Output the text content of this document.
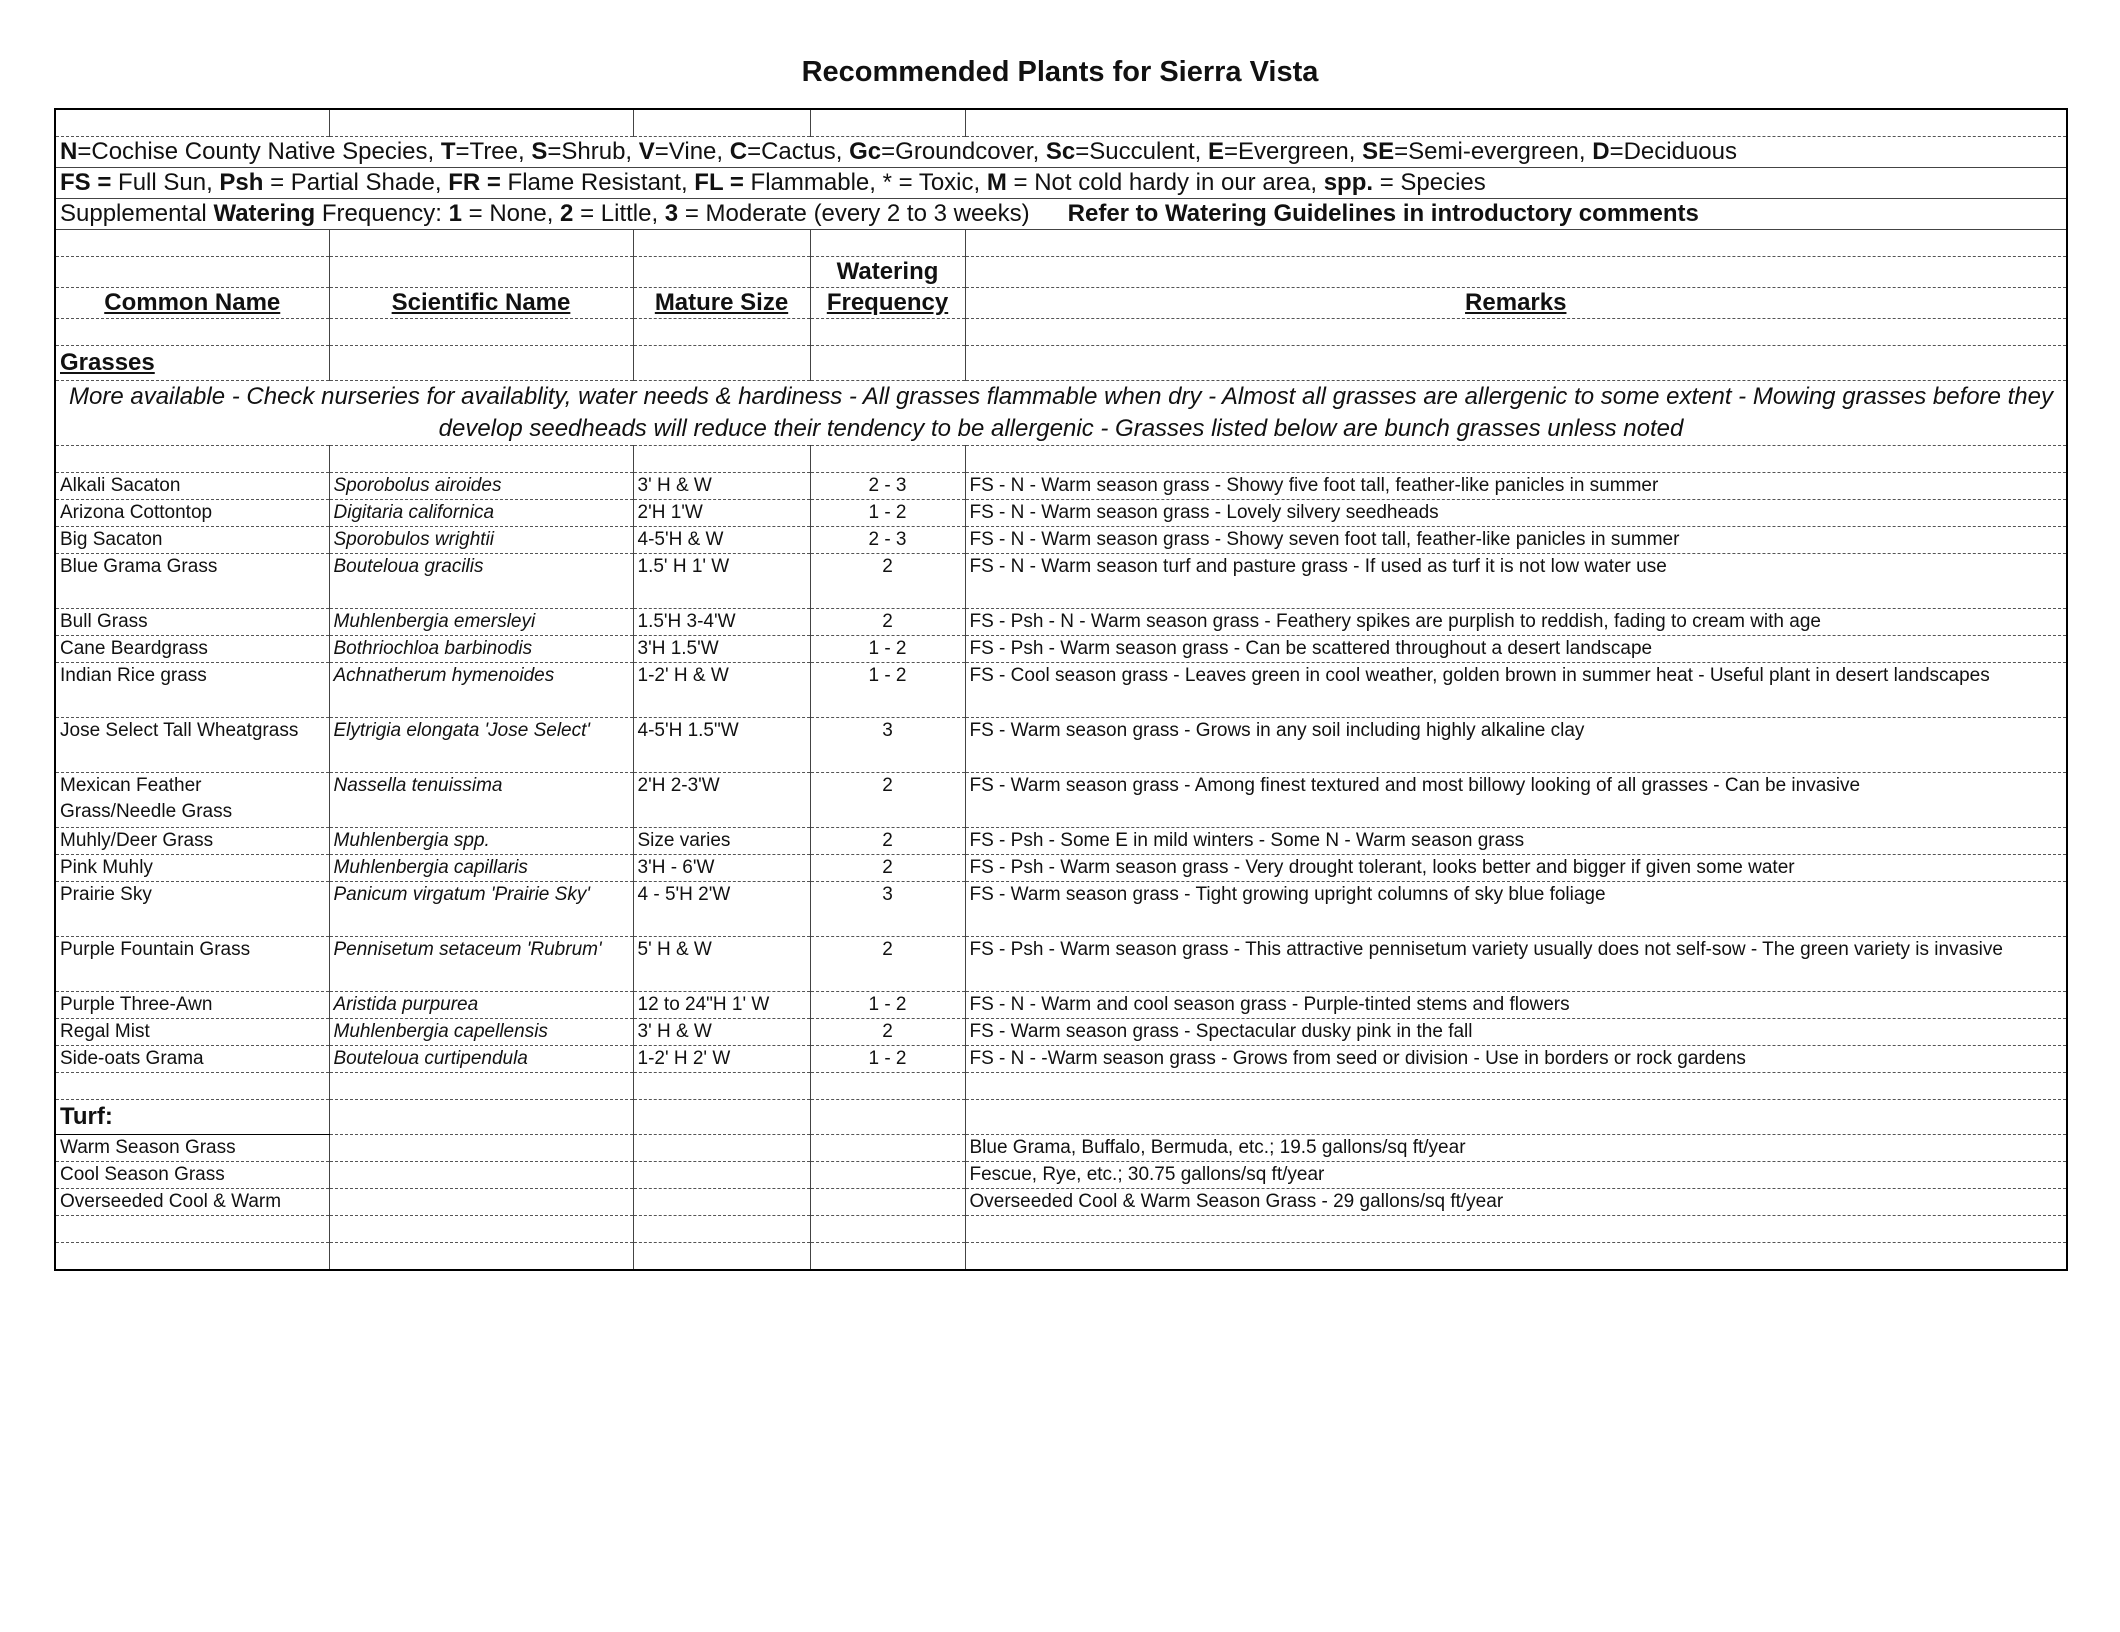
Recommended Plants for Sierra Vista

N=Cochise County Native Species, T=Tree, S=Shrub, V=Vine, C=Cactus, Gc=Groundcover, Sc=Succulent, E=Evergreen, SE=Semi-evergreen, D=Deciduous				
FS = Full Sun, Psh = Partial Shade, FR = Flame Resistant, FL = Flammable, * = Toxic, M = Not cold hardy in our area, spp. = Species				
Supplemental Watering Frequency: 1 = None, 2 = Little, 3 = Moderate (every 2 to 3 weeks) Refer to Watering Guidelines in introductory comments				

			Watering	
Common Name	Scientific Name	Mature Size	Frequency	Remarks

Grasses				
More available - Check nurseries for availablity, water needs & hardiness - All grasses flammable when dry - Almost all grasses are allergenic to some extent - Mowing grasses before they develop seedheads will reduce their tendency to be allergenic - Grasses listed below are bunch grasses unless noted				

Alkali Sacaton	Sporobolus airoides	3' H & W	2 - 3	FS - N - Warm season grass - Showy five foot tall, feather-like panicles in summer
Arizona Cottontop	Digitaria californica	2'H 1'W	1 - 2	FS - N - Warm season grass - Lovely silvery seedheads
Big Sacaton	Sporobulos wrightii	4-5'H & W	2 - 3	FS - N - Warm season grass - Showy seven foot tall, feather-like panicles in summer
Blue Grama Grass	Bouteloua gracilis	1.5' H 1' W	2	FS - N - Warm season turf and pasture grass - If used as turf it is not low water use
Bull Grass	Muhlenbergia emersleyi	1.5'H 3-4'W	2	FS - Psh - N - Warm season grass - Feathery spikes are purplish to reddish, fading to cream with age
Cane Beardgrass	Bothriochloa barbinodis	3'H 1.5'W	1 - 2	FS - Psh - Warm season grass - Can be scattered throughout a desert landscape
Indian Rice grass	Achnatherum hymenoides	1-2' H & W	1 - 2	FS - Cool season grass - Leaves green in cool weather, golden brown in summer heat - Useful plant in desert landscapes
Jose Select Tall Wheatgrass	Elytrigia elongata 'Jose Select'	4-5'H 1.5"W	3	FS - Warm season grass - Grows in any soil including highly alkaline clay

Mexican Feather
Grass/Needle Grass	Nassella tenuissima	2'H 2-3'W	2	FS - Warm season grass - Among finest textured and most billowy looking of all grasses - Can be invasive
Muhly/Deer Grass	Muhlenbergia spp.	Size varies	2	FS - Psh - Some E in mild winters - Some N - Warm season grass
Pink Muhly	Muhlenbergia capillaris	3'H - 6'W	2	FS - Psh - Warm season grass - Very drought tolerant, looks better and bigger if given some water
Prairie Sky	Panicum virgatum 'Prairie Sky'	4 - 5'H 2'W	3	FS - Warm season grass - Tight growing upright columns of sky blue foliage
Purple Fountain Grass	Pennisetum setaceum 'Rubrum'	5' H & W	2	FS - Psh - Warm season grass - This attractive pennisetum variety usually does not self-sow - The green variety is invasive
Purple Three-Awn	Aristida purpurea	12 to 24"H 1' W	1 - 2	FS - N - Warm and cool season grass - Purple-tinted stems and flowers
Regal Mist	Muhlenbergia capellensis	3' H & W	2	FS - Warm season grass - Spectacular dusky pink in the fall
Side-oats Grama	Bouteloua curtipendula	1-2' H 2' W	1 - 2	FS - N - -Warm season grass - Grows from seed or division - Use in borders or rock gardens

Turf:				
Warm Season Grass				Blue Grama, Buffalo, Bermuda, etc.; 19.5 gallons/sq ft/year
Cool Season Grass				Fescue, Rye, etc.; 30.75 gallons/sq ft/year
Overseeded Cool & Warm				Overseeded Cool & Warm Season Grass - 29 gallons/sq ft/year
